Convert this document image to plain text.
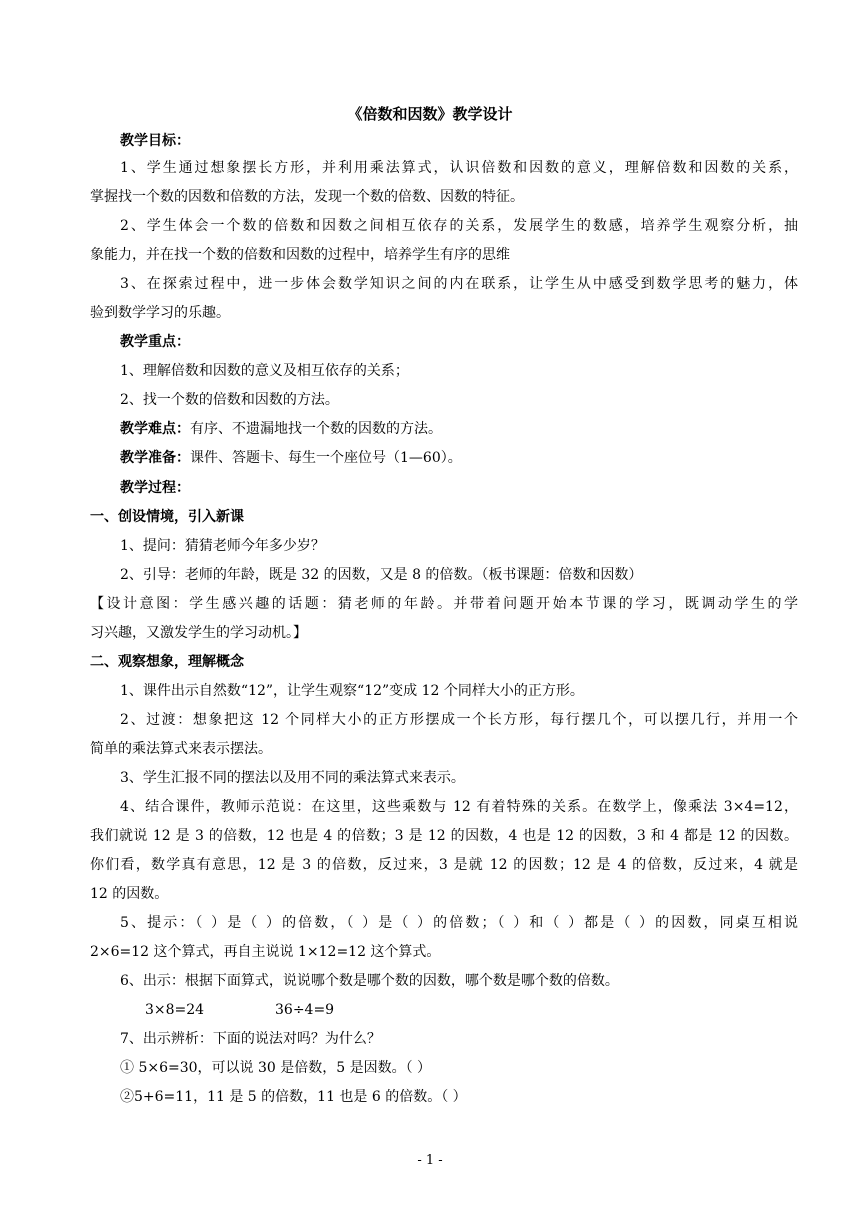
《倍数和因数》教学设计
教学目标：
1、学生通过想象摆长方形，并利用乘法算式，认识倍数和因数的意义，理解倍数和因数的关系，
掌握找一个数的因数和倍数的方法，发现一个数的倍数、因数的特征。
2、学生体会一个数的倍数和因数之间相互依存的关系，发展学生的数感，培养学生观察分析，抽
象能力，并在找一个数的倍数和因数的过程中，培养学生有序的思维
3、在探索过程中，进一步体会数学知识之间的内在联系，让学生从中感受到数学思考的魅力，体
验到数学学习的乐趣。
教学重点：
1、理解倍数和因数的意义及相互依存的关系；
2、找一个数的倍数和因数的方法。
教学难点：有序、不遗漏地找一个数的因数的方法。
教学准备：课件、答题卡、每生一个座位号（1—60）。
教学过程：
一、创设情境，引入新课
1、提问：猜猜老师今年多少岁？
2、引导：老师的年龄，既是 32 的因数，又是 8 的倍数。（板书课题：倍数和因数）
【设计意图：学生感兴趣的话题：猜老师的年龄。并带着问题开始本节课的学习，既调动学生的学
习兴趣，又激发学生的学习动机。】
二、观察想象，理解概念
1、课件出示自然数“12”，让学生观察“12”变成 12 个同样大小的正方形。
2、过渡：想象把这 12 个同样大小的正方形摆成一个长方形，每行摆几个，可以摆几行，并用一个
简单的乘法算式来表示摆法。
3、学生汇报不同的摆法以及用不同的乘法算式来表示。
4、结合课件，教师示范说：在这里，这些乘数与 12 有着特殊的关系。在数学上，像乘法 3×4=12，
我们就说 12 是 3 的倍数，12 也是 4 的倍数；3 是 12 的因数，4 也是 12 的因数，3 和 4 都是 12 的因数。
你们看，数学真有意思，12 是 3 的倍数，反过来，3 是就 12 的因数；12 是 4 的倍数，反过来，4 就是
12 的因数。
5、提示：（ ）是（ ）的倍数，（ ）是（ ）的倍数；（ ）和（ ）都是（ ）的因数，同桌互相说
2×6=12 这个算式，再自主说说 1×12=12 这个算式。
6、出示：根据下面算式，说说哪个数是哪个数的因数，哪个数是哪个数的倍数。
3×8=24	36÷4=9
7、出示辨析：下面的说法对吗？为什么？
① 5×6=30，可以说 30 是倍数，5 是因数。（ ）
②5+6=11，11 是 5 的倍数，11 也是 6 的倍数。（ ）
- 1 -
